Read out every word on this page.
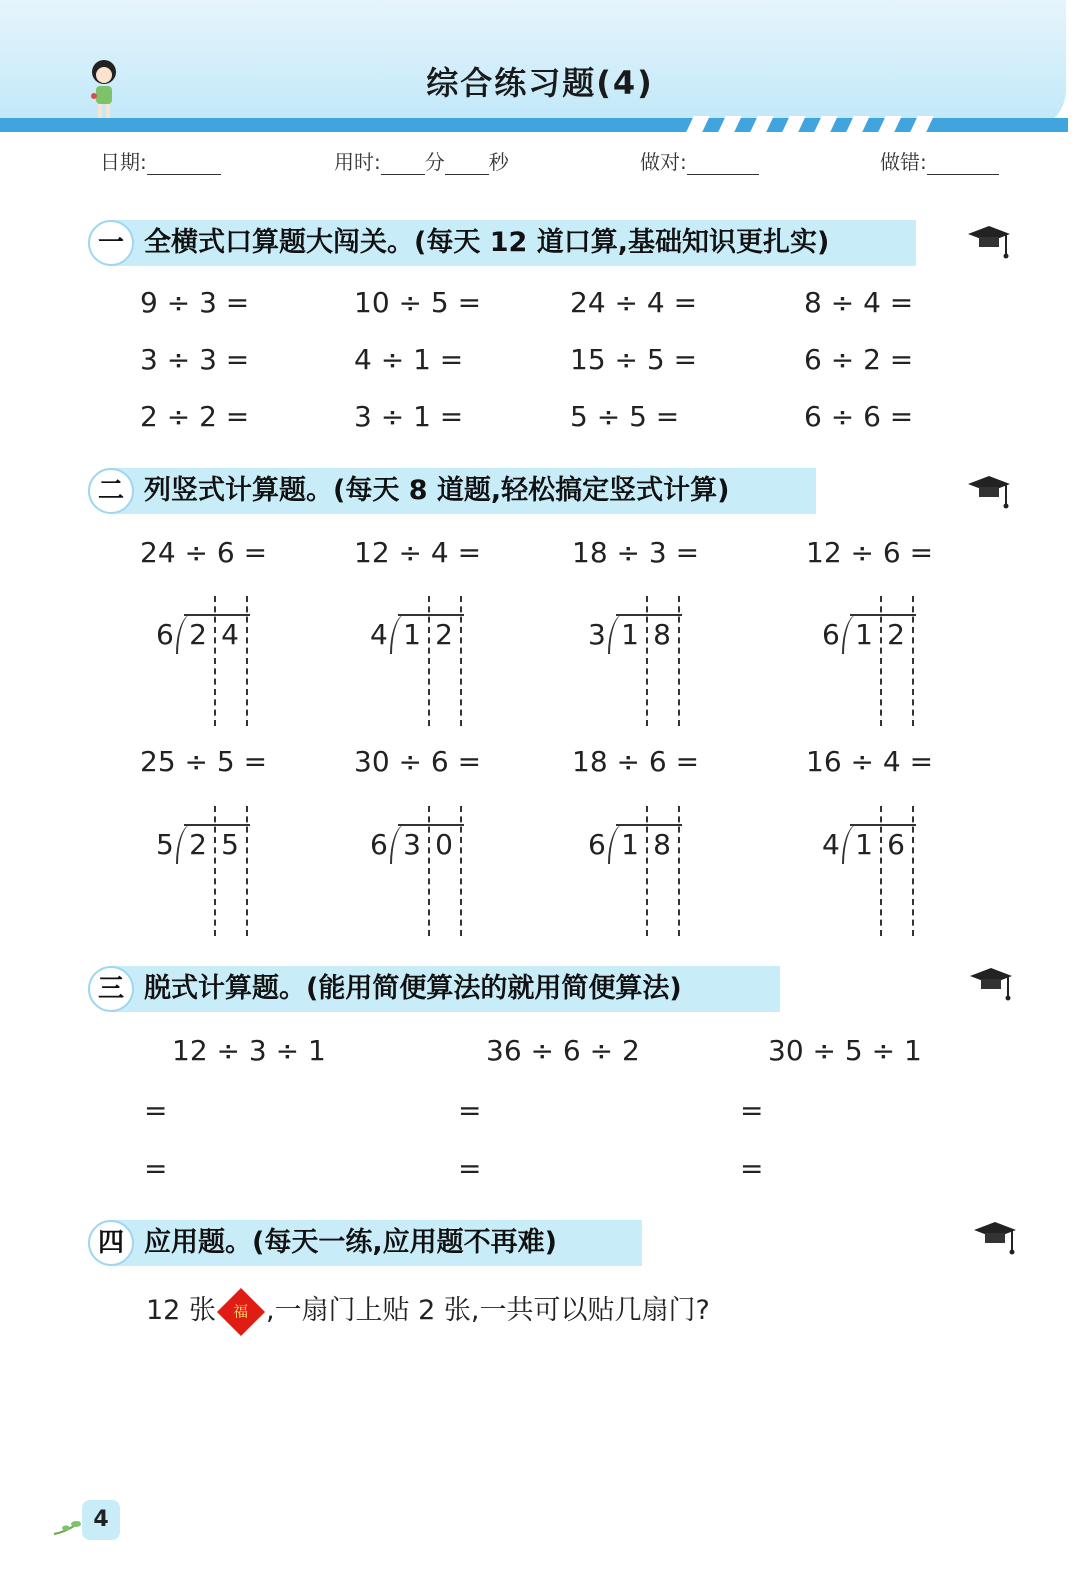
综合练习题(4)
日期:	用时: 分 秒	做对:	做错:
一 全横式口算题大闯关。(每天 12 道口算,基础知识更扎实)
9 ÷ 3 =	10 ÷ 5 =	24 ÷ 4 =	8 ÷ 4 =
3 ÷ 3 =	4 ÷ 1 =	15 ÷ 5 =	6 ÷ 2 =
2 ÷ 2 =	3 ÷ 1 =	5 ÷ 5 =	6 ÷ 6 =
二 列竖式计算题。(每天 8 道题,轻松搞定竖式计算)
24 ÷ 6 =	12 ÷ 4 =	18 ÷ 3 =	12 ÷ 6 =
6 2 4	4 1 2	3 1 8	6 1 2
25 ÷ 5 =	30 ÷ 6 =	18 ÷ 6 =	16 ÷ 4 =
5 2 5	6 3 0	6 1 8	4 1 6
三 脱式计算题。(能用简便算法的就用简便算法)
12 ÷ 3 ÷ 1	36 ÷ 6 ÷ 2	30 ÷ 5 ÷ 1
=	=	=
=	=	=
四 应用题。(每天一练,应用题不再难)
12 张 福 ,一扇门上贴 2 张,一共可以贴几扇门?
4
